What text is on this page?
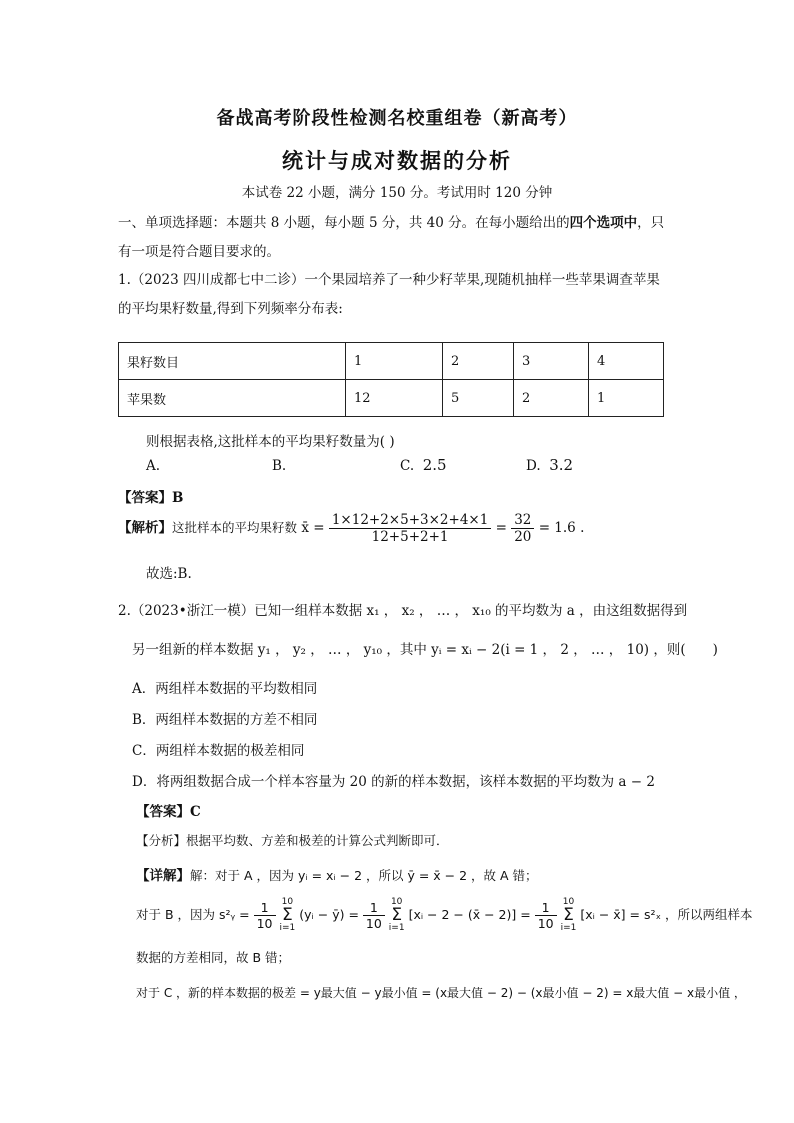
备战高考阶段性检测名校重组卷（新高考）
统计与成对数据的分析
本试卷 22 小题，满分 150 分。考试用时 120 分钟
一、单项选择题：本题共 8 小题，每小题 5 分，共 40 分。在每小题给出的四个选项中，只
有一项是符合题目要求的。
1.（2023 四川成都七中二诊）一个果园培养了一种少籽苹果,现随机抽样一些苹果调查苹果
的平均果籽数量,得到下列频率分布表:
果籽数目	1	2	3	4
苹果数	12	5	2	1
则根据表格,这批样本的平均果籽数量为( )
A.	B.	C. 2.5	D. 3.2
【答案】B
【解析】这批样本的平均果籽数 x̄ = $\frac{1\times 12+2\times 5+3\times 2+4\times 1}{12+5+2+1} = \frac{32}{20} = 1.6$ .
故选:B.
2.（2023•浙江一模）已知一组样本数据 x₁ ， x₂ ， … ， x₁₀ 的平均数为 a ，由这组数据得到
另一组新的样本数据 y₁ ， y₂ ， … ， y₁₀ ，其中 yᵢ = xᵢ − 2(i = 1 ， 2 ， … ， 10) ，则(　　)
A．两组样本数据的平均数相同
B．两组样本数据的方差不相同
C．两组样本数据的极差相同
D．将两组数据合成一个样本容量为 20 的新的样本数据，该样本数据的平均数为 a − 2
【答案】C
【分析】根据平均数、方差和极差的计算公式判断即可．
【详解】解：对于 A ，因为 yᵢ = xᵢ − 2 ，所以 ȳ = x̄ − 2 ，故 A 错；
对于 B ，因为 s²ᵧ = $\frac{1}{10}$
10
Σ
i=1
(yᵢ − ȳ) = $\frac{1}{10}$
10
Σ
i=1
[xᵢ − 2 − (x̄ − $2)] = \frac{1}{10}$
10
Σ
i=1
[xᵢ − x̄] = s²ₓ ，所以两组样本
数据的方差相同，故 B 错；
对于 C ，新的样本数据的极差 = y最大值 − y最小值 = (x最大值 − 2) − (x最小值 − 2) = x最大值 − x最小值 ，
